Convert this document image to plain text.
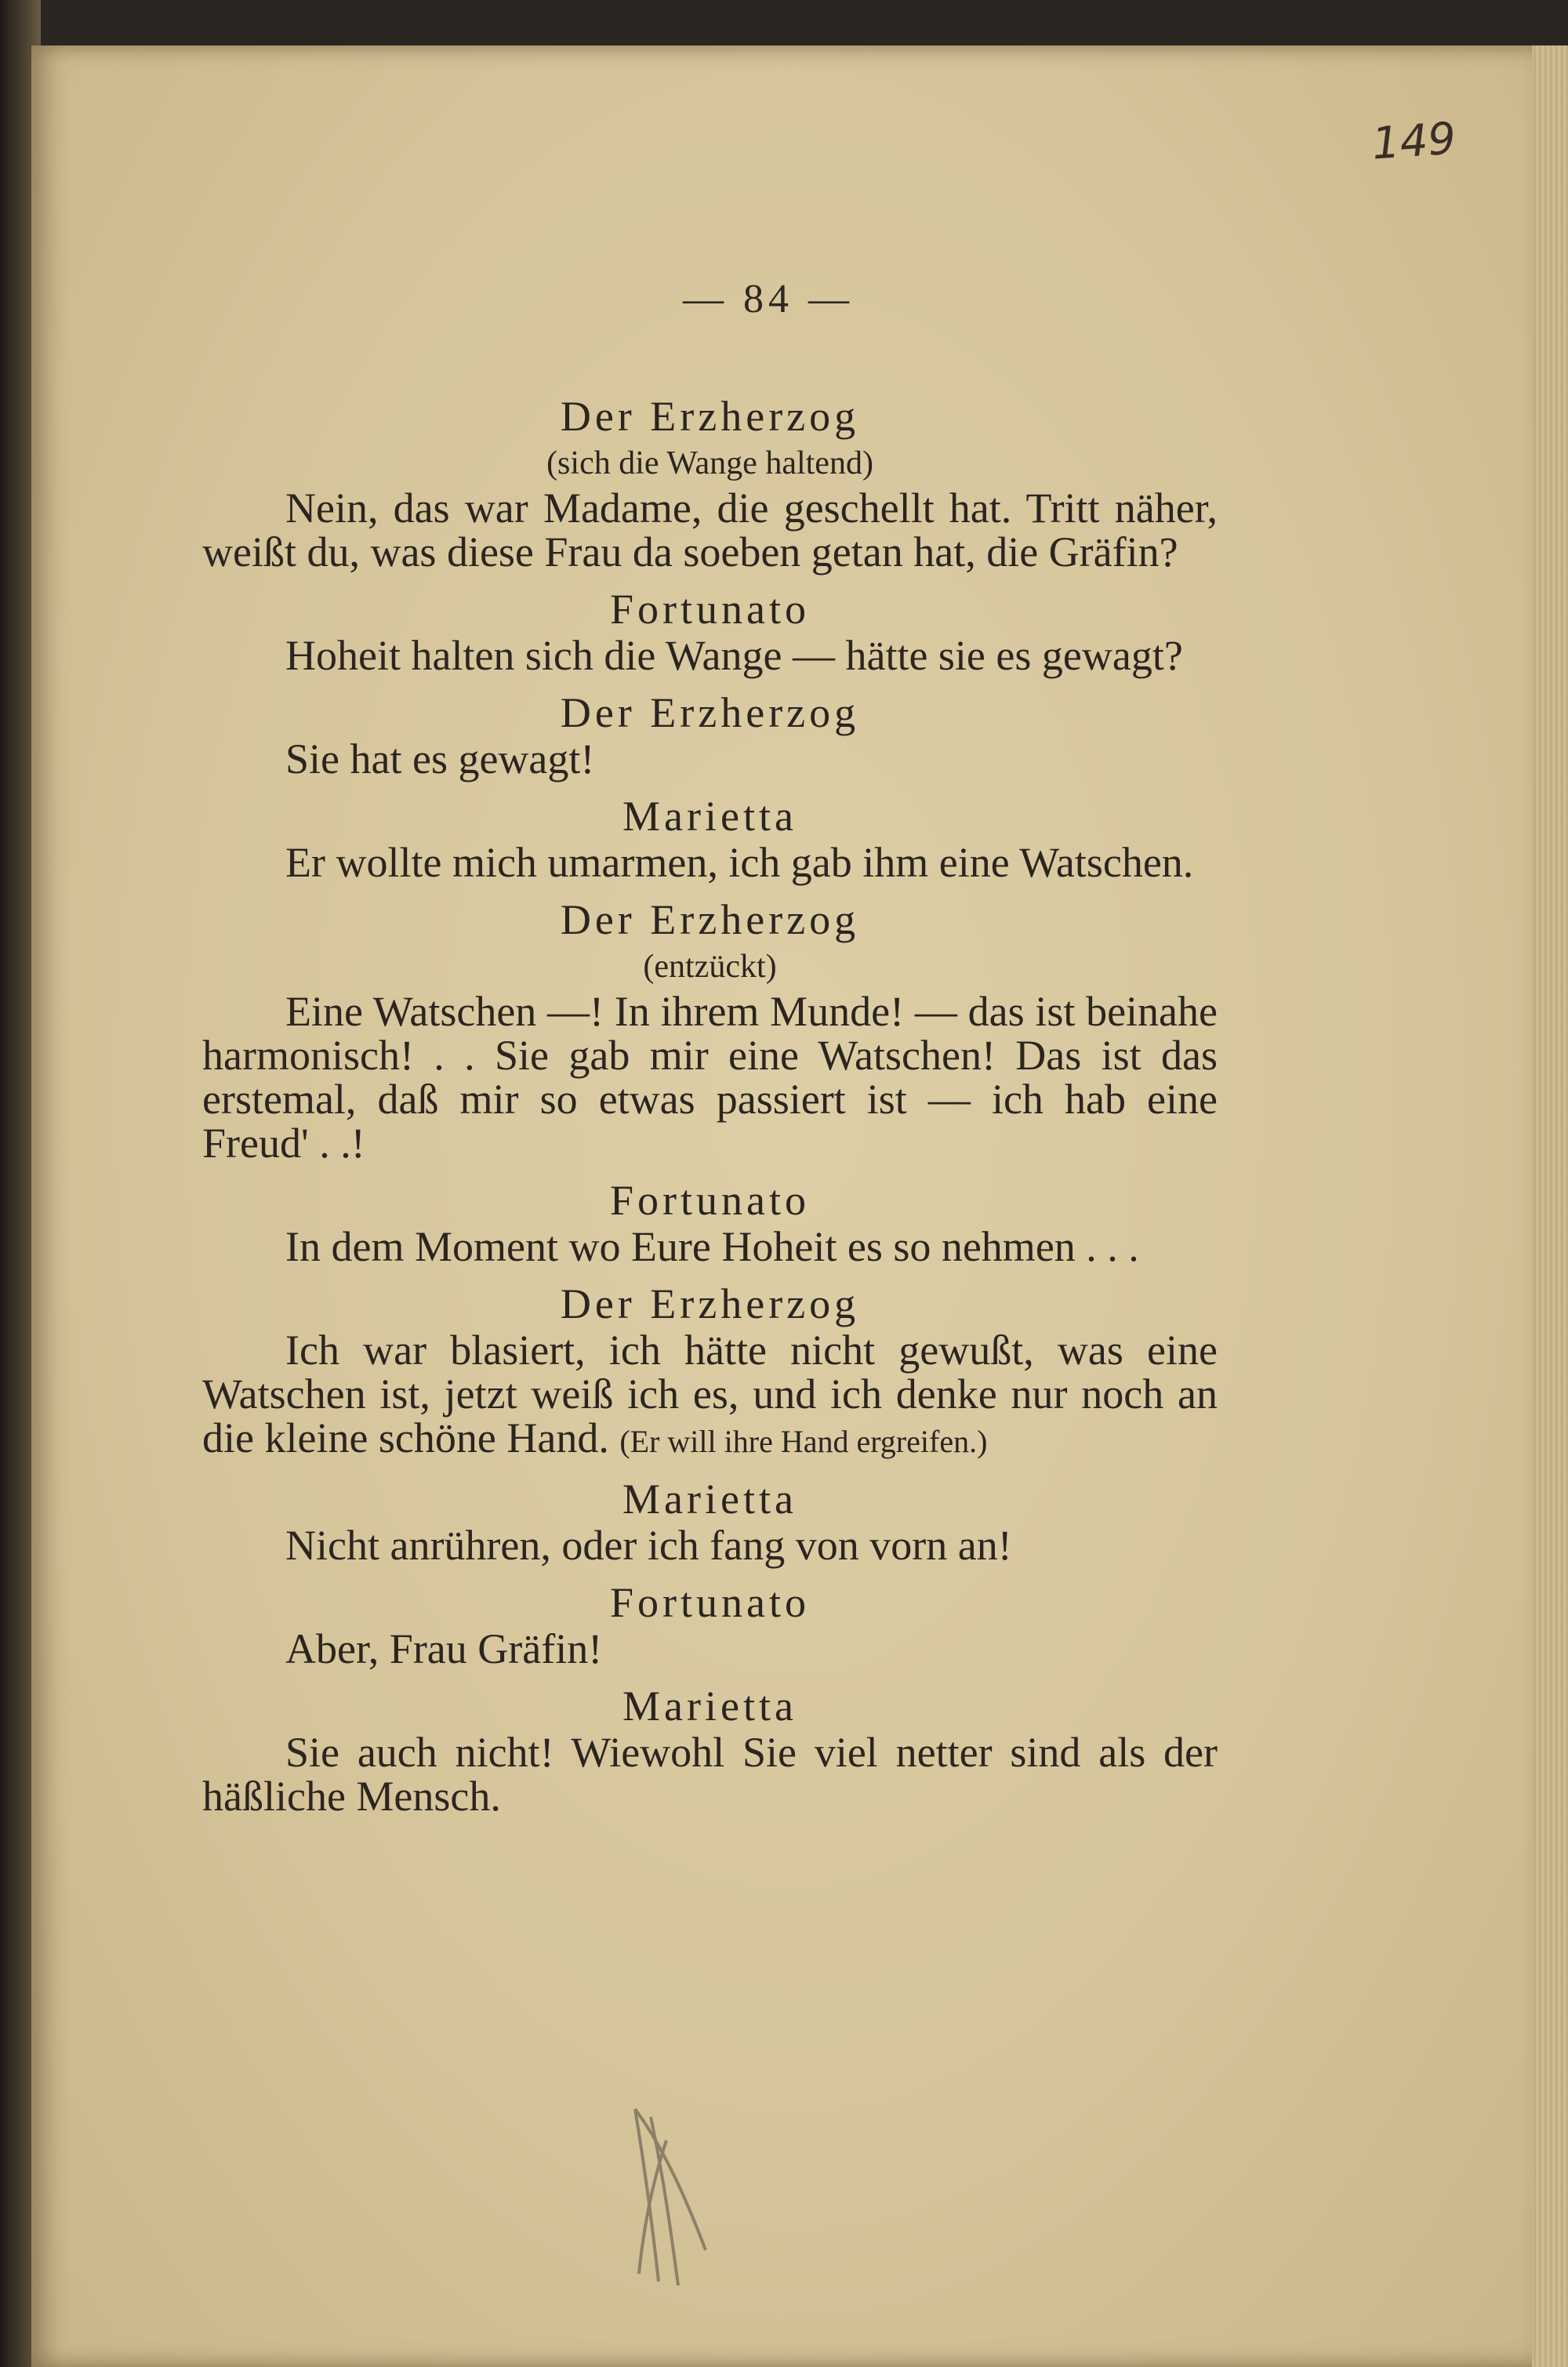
149
— 84 —

Der Erzherzog

(sich die Wange haltend)

Nein, das war Madame, die geschellt hat. Tritt näher, weißt du, was diese Frau da soeben getan hat, die Gräfin?

Fortunato

Hoheit halten sich die Wange — hätte sie es gewagt?

Der Erzherzog

Sie hat es gewagt!

Marietta

Er wollte mich umarmen, ich gab ihm eine Watschen.

Der Erzherzog

(entzückt)

Eine Watschen —! In ihrem Munde! — das ist beinahe harmonisch! . . Sie gab mir eine Watschen! Das ist das erstemal, daß mir so etwas passiert ist — ich hab eine Freud' . .!

Fortunato

In dem Moment wo Eure Hoheit es so nehmen . . .

Der Erzherzog

Ich war blasiert, ich hätte nicht gewußt, was eine Watschen ist, jetzt weiß ich es, und ich denke nur noch an die kleine schöne Hand. (Er will ihre Hand ergreifen.)

Marietta

Nicht anrühren, oder ich fang von vorn an!

Fortunato

Aber, Frau Gräfin!

Marietta

Sie auch nicht! Wiewohl Sie viel netter sind als der häßliche Mensch.
